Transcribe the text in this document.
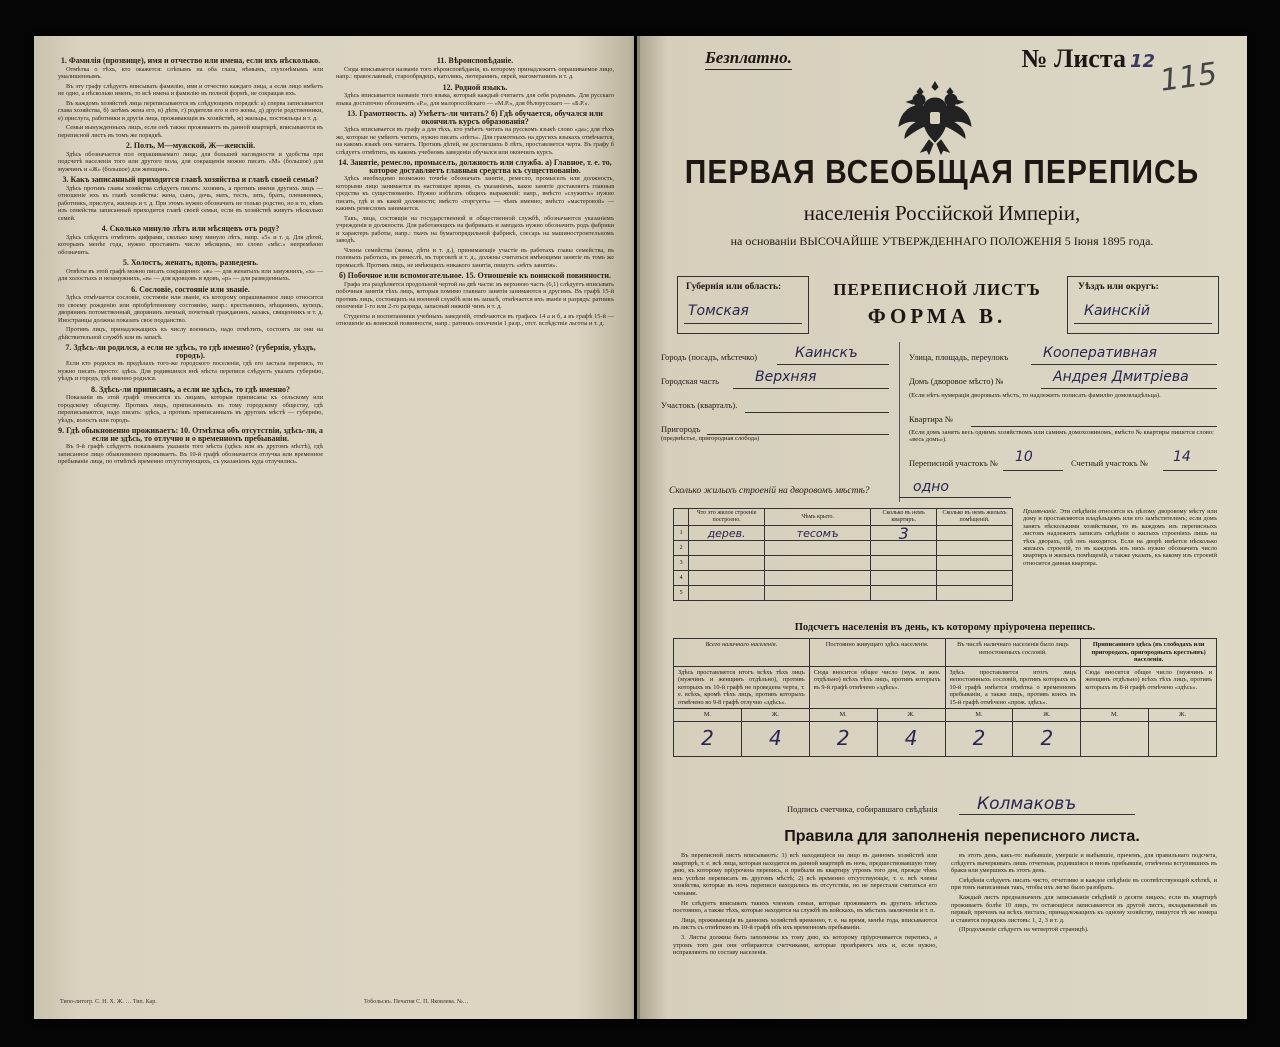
1. Фамилія (прозвище), имя и отчество или имена, если ихъ нѣсколько.

Отмѣтка о тѣхъ, кто окажется: слѣпымъ на оба глаза, нѣмымъ, глухонѣмымъ или умалишеннымъ.

Въ эту графу слѣдуетъ вписывать фамилію, имя и отчество каждаго лица, а если лицо имѣетъ не одно, а нѣсколько именъ, то всѣ имена и фамилію въ полной формѣ, не сокращая ихъ.

Въ каждомъ хозяйствѣ лица переписываются въ слѣдующемъ порядкѣ: а) сперва записывается глава хозяйства, б) затѣмъ жена его, в) дѣти, г) родители его и его жены, д) другіе родственники, е) прислуга, работники и другія лица, проживающія въ хозяйствѣ, ж) жильцы, постояльцы и т. д.

Семьи вынужденныхъ лицъ, если онѣ также проживаютъ въ данной квартирѣ, вписываются въ переписной листъ въ томъ же порядкѣ.

2. Полъ, М—мужской, Ж—женскій.

Здѣсь обозначается пол опрашиваемаго лица; для большей наглядности и удобства при подсчетѣ населенія того или другого пола, для сокращенія можно писать «М» (большое) для мужчинъ и «Ж» (большое) для женщинъ.

3. Какъ записанный приходится главѣ хозяйства и главѣ своей семьи?

Здѣсь противъ главы хозяйства слѣдуетъ писать: хозяинъ, а противъ имени другихъ лицъ — отношеніе ихъ къ главѣ хозяйства: жена, сынъ, дочь, мать, тесть, зять, братъ, племянникъ, работникъ, прислуга, жилецъ и т. д. При этомъ нужно обозначить не только родство, но и то, кѣмъ изъ семейства записанный приходится главѣ своей семьи, если въ хозяйствѣ живутъ нѣсколько семей.

4. Сколько минуло лѣтъ или мѣсяцевъ отъ роду?

Здѣсь слѣдуетъ отмѣтить цифрами, сколько кому минуло лѣтъ, напр. «5» и т. д. Для дѣтей, которымъ менѣе года, нужно проставить число мѣсяцевъ, но слово «мѣс.» непремѣнно обозначить.

5. Холостъ, женатъ, вдовъ, разведенъ.

Отвѣты въ этой графѣ можно писать сокращенно: «ж» — для женатыхъ или замужнихъ, «х» — для холостыхъ и незамужнихъ, «в» — для вдовцовъ и вдовъ, «р» — для разведенныхъ.

6. Сословіе, состояніе или званіе.

Здѣсь отмѣчается сословіе, состояніе или званіе, къ которому опрашиваемое лицо относится по своему рожденію или пріобрѣтенному состоянію, напр.: крестьянинъ, мѣщанинъ, купецъ, дворянинъ потомственный, дворянинъ личный, почетный гражданинъ, казакъ, священникъ и т. д. Иностранцы должны показать свое подданство.

Противъ лицъ, принадлежащихъ къ числу военныхъ, надо отмѣтить, состоятъ ли они на дѣйствительной службѣ или въ запасѣ.

7. Здѣсь-ли родился, а если не здѣсь, то гдѣ именно? (губернія, уѣздъ, городъ).

Если кто родился въ предѣлахъ того-же городского поселенія, гдѣ его застала перепись, то нужно писать просто: здѣсь. Для родившихся внѣ мѣста переписи слѣдуетъ указать губернію, уѣздъ и городъ, гдѣ именно родился.

8. Здѣсь-ли приписанъ, а если не здѣсь, то гдѣ именно?

Показанія въ этой графѣ относятся къ лицамъ, которыя приписаны къ сельскому или городскому обществу. Противъ лицъ, приписанныхъ къ тому городскому обществу, гдѣ переписываются, надо писать: здѣсь, а противъ приписанныхъ въ другомъ мѣстѣ — губернію, уѣздъ, волость или городъ.

9. Гдѣ обыкновенно проживаетъ: 10. Отмѣтка объ отсутствіи, здѣсь-ли, а если не здѣсь, то отлучно и о временномъ пребываніи.

Въ 9-й графѣ слѣдуетъ показывать указанія того мѣста (здѣсь или въ другомъ мѣстѣ), гдѣ записанное лицо обыкновенно проживаетъ. Въ 10-й графѣ обозначается отлучка или временное пребываніе лица, по отмѣткѣ временно отсутствующихъ, съ указаніемъ куда отлучились.

11. Вѣроисповѣданіе.

Сюда вписывается названіе того вѣроисповѣданія, къ которому принадлежитъ опрашиваемое лицо, напр.: православный, старообрядецъ, католикъ, лютеранинъ, еврей, магометанинъ и т. д.

12. Родной языкъ.

Здѣсь вписывается названіе того языка, который каждый считаетъ для себя роднымъ. Для русскаго языка достаточно обозначить «Р.», для малороссійскаго — «М.Р.», для бѣлорусскаго — «Б.Р.».

13. Грамотность. а) Умѣетъ-ли читать? б) Гдѣ обучается, обучался или окончилъ курсъ образованія?

Здѣсь вписывается въ графу а для тѣхъ, кто умѣетъ читать на русскомъ языкѣ слово «да»; для тѣхъ же, которые не умѣютъ читать, нужно писать «нѣтъ». Для грамотныхъ на другихъ языкахъ отмѣчается, на какомъ языкѣ онъ читаетъ. Противъ дѣтей, не достигшихъ 8 лѣтъ, проставляется черта. Въ графу б слѣдуетъ отмѣтить, въ какомъ учебномъ заведеніи обучался или окончилъ курсъ.

14. Занятіе, ремесло, промыселъ, должность или служба. а) Главное, т. е. то, которое доставляетъ главныя средства къ существованію.

Здѣсь необходимо возможно точнѣе обозначать занятіе, ремесло, промыселъ или должность, которыми лицо занимается въ настоящее время, съ указаніемъ, какое занятіе доставляетъ главныя средства къ существованію. Нужно избѣгать общихъ выраженій: напр., вмѣсто «служитъ» нужно писать, гдѣ и въ какой должности; вмѣсто «торгуетъ» — чѣмъ именно; вмѣсто «мастеровой» — какимъ ремесломъ занимается.

Такъ, лица, состоящія на государственной и общественной службѣ, обозначаются указаніемъ учрежденія и должности. Для работающихъ на фабрикахъ и заводахъ нужно обозначить родъ фабрики и характеръ работы, напр.: ткачъ на бумагопрядильной фабрикѣ, слесарь на машиностроительномъ заводѣ.

Члены семейства (жены, дѣти и т. д.), принимающіе участіе въ работахъ главы семейства, въ полевыхъ работахъ, въ ремеслѣ, въ торговлѣ и т. д., должны считаться имѣющими занятіе въ томъ же промыслѣ. Противъ лицъ, не имѣющихъ никакого занятія, пишутъ «нѣтъ занятія».

б) Побочное или вспомогательное. 15. Отношеніе къ воинской повинности.

Графа эта раздѣляется продольной чертой на двѣ части: въ верхнюю часть (6,1) слѣдуетъ вписывать побочныя занятія тѣхъ лицъ, которыя помимо главнаго занятія занимаются и другимъ. Въ графѣ 15-й противъ лицъ, состоящихъ на военной службѣ или въ запасѣ, отмѣчается ихъ званіе и разрядъ: ратникъ ополченія 1-го или 2-го разряда, запасный нижній чинъ и т. д.

Студенты и воспитанники учебныхъ заведеній, отмѣчаются въ графахъ 14 а и б, а въ графѣ 15-й — отношеніе къ воинской повинности, напр.: ратникъ ополченія 1 разр., отст. вслѣдствіе льготы и т. д.

Типо-литогр. С. Н. Х. Ж. … Тип. Кар.	Тобольскъ. Печатня С. П. Яковлева. №…
Безплатно.	№ Листа 12 115
ПЕРВАЯ ВСЕОБЩАЯ ПЕРЕПИСЬ
населенія Россійской Имперіи,
на основаніи ВЫСОЧАЙШЕ УТВЕРЖДЕННАГО ПОЛОЖЕНІЯ 5 Іюня 1895 года.
Губернія или область:
Томская
ПЕРЕПИСНОЙ ЛИСТЪ
ФОРМА В.
Уѣздъ или округъ:
Каинскій
Городъ (посадъ, мѣстечко)	Каинскъ
Городская часть	Верхняя
Участокъ (кварталъ).
Пригородъ
(предмѣстье, пригородная слобода)
Улица, площадь, переулокъ Кооперативная
Домъ (дворовое мѣсто) №	Андрея Дмитріева
(Если нѣтъ нумерація дворовыхъ мѣстъ, то надлежитъ пописать фамилію домовладѣльца).
Квартира №
(Если домъ занятъ весь однимъ хозяйствомъ или самимъ домохозяиномъ, вмѣсто № квартиры пишется слово: «весь домъ»).
Переписной участокъ № 10	Счетный участокъ № 14
Сколько жилыхъ строеній на дворовомъ мѣстѣ?	одно
	Что это жилое строеніе построено.	Чѣмъ крыто.	Сколько въ немъ квартиръ.	Сколько въ немъ жилыхъ помѣщеній.
1	дерев.	тесомъ	3	
2				
3				
4				
5				
Примѣчаніе. Эти свѣдѣнія относятся къ цѣлому дворовому мѣсту или дому и проставляются владѣльцемъ или его замѣстителемъ; если домъ занятъ нѣсколькими хозяйствами, то въ каждомъ изъ переписныхъ листовъ надлежитъ записать свѣдѣнія о жилыхъ строеніяхъ лишь на тѣхъ дворахъ, гдѣ онъ находится. Если на дворѣ имѣется нѣсколько жилыхъ строеній, то въ каждомъ изъ нихъ нужно обозначить число квартиръ и жилыхъ помѣщеній, а также указать, къ какому изъ строеній относится данная квартира.
Подсчетъ населенія въ день, къ которому пріурочена перепись.
Всего наличнаго населенія.		Постоянно живущаго здѣсь населенія.		Въ числѣ наличнаго населенія было лицъ непостоянныхъ сословій.		Приписанного здѣсь (въ слободахъ или пригородахъ, пригородныхъ крестьянъ) населенія.	
Здѣсь проставляется итогъ всѣхъ тѣхъ лицъ (мужчинъ и женщинъ отдѣльно), противъ которыхъ въ 10-й графѣ не проведена черта, т. е. всѣхъ, кромѣ тѣхъ лицъ, противъ которыхъ отмѣчено во 9-8 графѣ отлучно «здѣсь».		Сюда вносится общее число (муж. и жен. отдѣльно) всѣхъ тѣхъ лицъ, противъ которыхъ въ 9-й графѣ отмѣчено «здѣсь».		Здѣсь проставляется итогъ лицъ непостоянныхъ сословій, противъ которыхъ въ 10-й графѣ имѣется отмѣтка о временномъ пребываніи, а также лицъ, противъ коихъ въ 15-й графѣ отмѣчено «прож. здѣсь».		Сюда вносится общее число (мужчинъ и женщинъ отдѣльно) всѣхъ тѣхъ лицъ, противъ которыхъ въ 8-й графѣ отмѣчено «здѣсь».	
М.	Ж.	М.	Ж.	М.	Ж.	М.	Ж.
2	4	2	4	2	2		
Подпись счетчика, собиравшаго свѣдѣнія Колмаковъ
Правила для заполненія переписного листа.

Въ переписной листъ вписываютъ: 1) всѣ находящіеся на лицо въ данномъ хозяйствѣ или квартирѣ, т. е. всѣ лица, которыя находятся въ данной квартирѣ въ ночь, предшествовавшую тому дню, къ которому пріурочена перепись, и прибыли въ квартиру утромъ того дня, прежде чѣмъ ихъ успѣли переписать въ другомъ мѣстѣ; 2) всѣ временно отсутствующіе, т. е. всѣ члены хозяйства, которые въ ночь переписи находились въ отсутствіи, но не перестали считаться его членами.

Не слѣдуетъ вписывать такихъ членовъ семьи, которые проживаютъ въ другихъ мѣстахъ постоянно, а также тѣхъ, которые находятся на службѣ въ войскахъ, въ мѣстахъ заключенія и т. п.

Лица, проживающія въ данномъ хозяйствѣ временно, т. е. на время, менѣе года, вписываются въ листъ съ отмѣткою въ 10-й графѣ объ ихъ временномъ пребываніи.

3. Листы должны быть заполнены къ тому дню, къ которому пріурочивается перепись, а утромъ того дня они отбираются счетчиками, которые провѣряютъ ихъ и, если нужно, исправляютъ по составу населенія.

въ этотъ день, какъ-то: выбывшіе, умершіе и выбывшіе, причемъ, для правильнаго подсчета, слѣдуетъ вычеркивать лишь отчетныя, родившіяся и вновь прибывшія, отмѣчены вступившихъ въ браки или умершихъ въ этотъ день.

Свѣдѣнія слѣдуетъ писать чисто, отчетливо и каждое свѣдѣніе въ соотвѣтствующей клѣткѣ, и при томъ написанныя такъ, чтобы ихъ легко было разобрать.

Каждый листъ предназначенъ для записыванія свѣдѣній о десяти лицахъ; если въ квартирѣ проживаетъ болѣе 10 лицъ, то остающіеся записываются въ другой листъ, вкладываемый въ первый, причемъ на всѣхъ листахъ, принадлежащихъ къ одному хозяйству, пишутся тѣ же номера и ставится порядокъ листовъ: 1, 2, 3 и т. д.

(Продолженіе слѣдуетъ на четвертой страницѣ).
